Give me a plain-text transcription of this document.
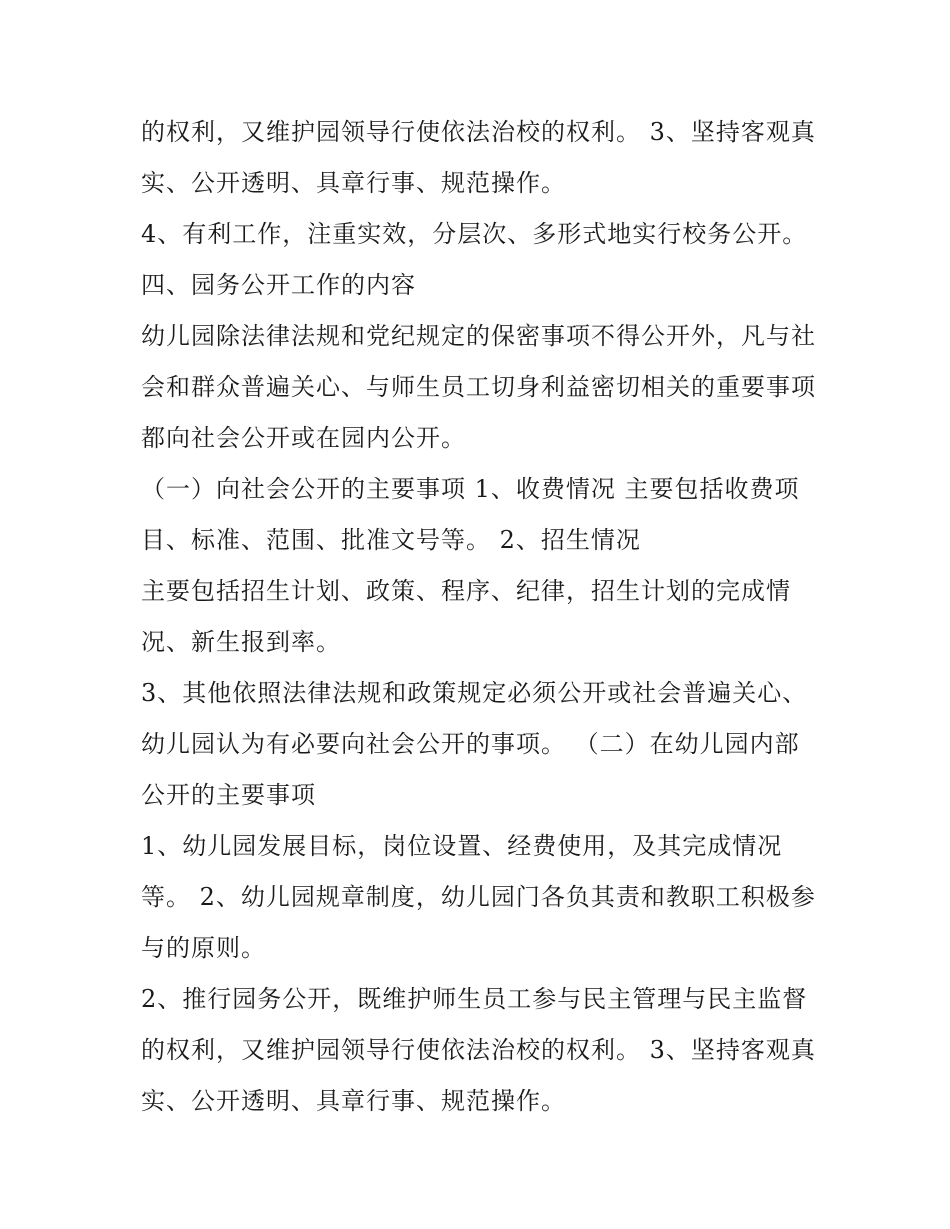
的权利，又维护园领导行使依法治校的权利。 3、坚持客观真
实、公开透明、具章行事、规范操作。
4、有利工作，注重实效，分层次、多形式地实行校务公开。
四、园务公开工作的内容
幼儿园除法律法规和党纪规定的保密事项不得公开外，凡与社
会和群众普遍关心、与师生员工切身利益密切相关的重要事项
都向社会公开或在园内公开。
（一）向社会公开的主要事项 1、收费情况 主要包括收费项
目、标准、范围、批准文号等。 2、招生情况
主要包括招生计划、政策、程序、纪律，招生计划的完成情
况、新生报到率。
3、其他依照法律法规和政策规定必须公开或社会普遍关心、
幼儿园认为有必要向社会公开的事项。 （二）在幼儿园内部
公开的主要事项
1、幼儿园发展目标，岗位设置、经费使用，及其完成情况
等。 2、幼儿园规章制度，幼儿园门各负其责和教职工积极参
与的原则。
2、推行园务公开，既维护师生员工参与民主管理与民主监督
的权利，又维护园领导行使依法治校的权利。 3、坚持客观真
实、公开透明、具章行事、规范操作。
